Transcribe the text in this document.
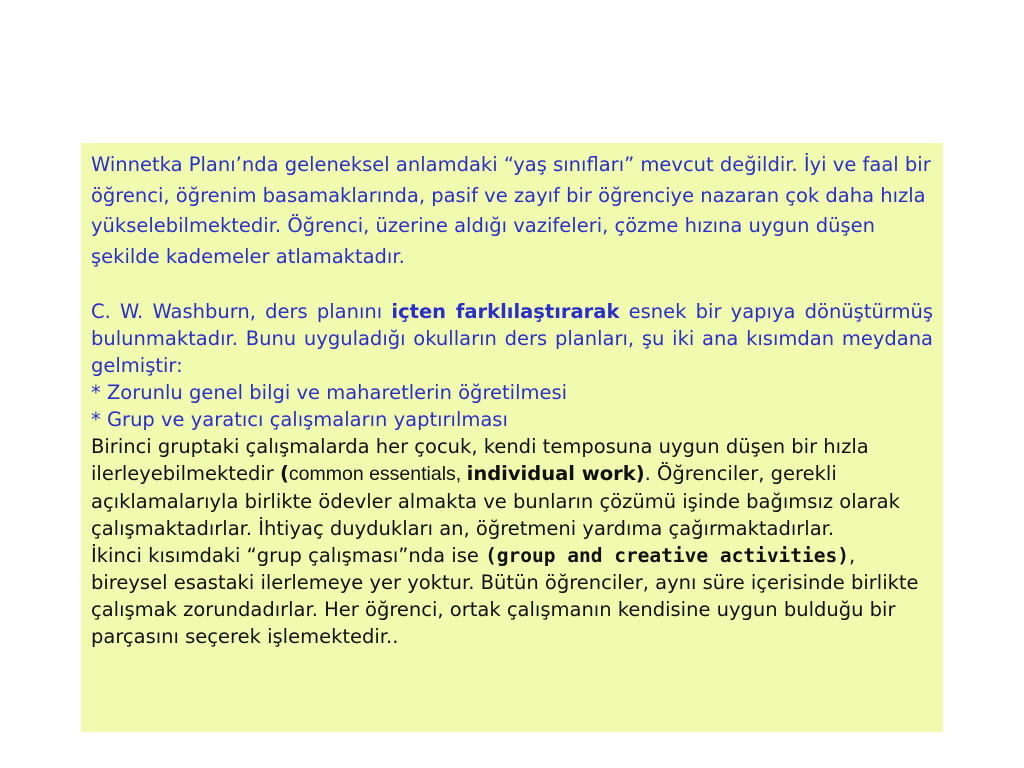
Winnetka Planı’nda geleneksel anlamdaki “yaş sınıfları” mevcut değildir. İyi ve faal bir öğrenci, öğrenim basamaklarında, pasif ve zayıf bir öğrenciye nazaran çok daha hızla yükselebilmektedir. Öğrenci, üzerine aldığı vazifeleri, çözme hızına uygun düşen şekilde kademeler atlamaktadır.

C. W. Washburn, ders planını içten farklılaştırarak esnek bir yapıya dönüştürmüş bulunmaktadır. Bunu uyguladığı okulların ders planları, şu iki ana kısımdan meydana gelmiştir:

* Zorunlu genel bilgi ve maharetlerin öğretilmesi

* Grup ve yaratıcı çalışmaların yaptırılması

Birinci gruptaki çalışmalarda her çocuk, kendi temposuna uygun düşen bir hızla ilerleyebilmektedir (common essentials, individual work). Öğrenciler, gerekli açıklamalarıyla birlikte ödevler almakta ve bunların çözümü işinde bağımsız olarak çalışmaktadırlar. İhtiyaç duydukları an, öğretmeni yardıma çağırmaktadırlar.

İkinci kısımdaki “grup çalışması”nda ise (group and creative activities), bireysel esastaki ilerlemeye yer yoktur. Bütün öğrenciler, aynı süre içerisinde birlikte çalışmak zorundadırlar. Her öğrenci, ortak çalışmanın kendisine uygun bulduğu bir parçasını seçerek işlemektedir..
